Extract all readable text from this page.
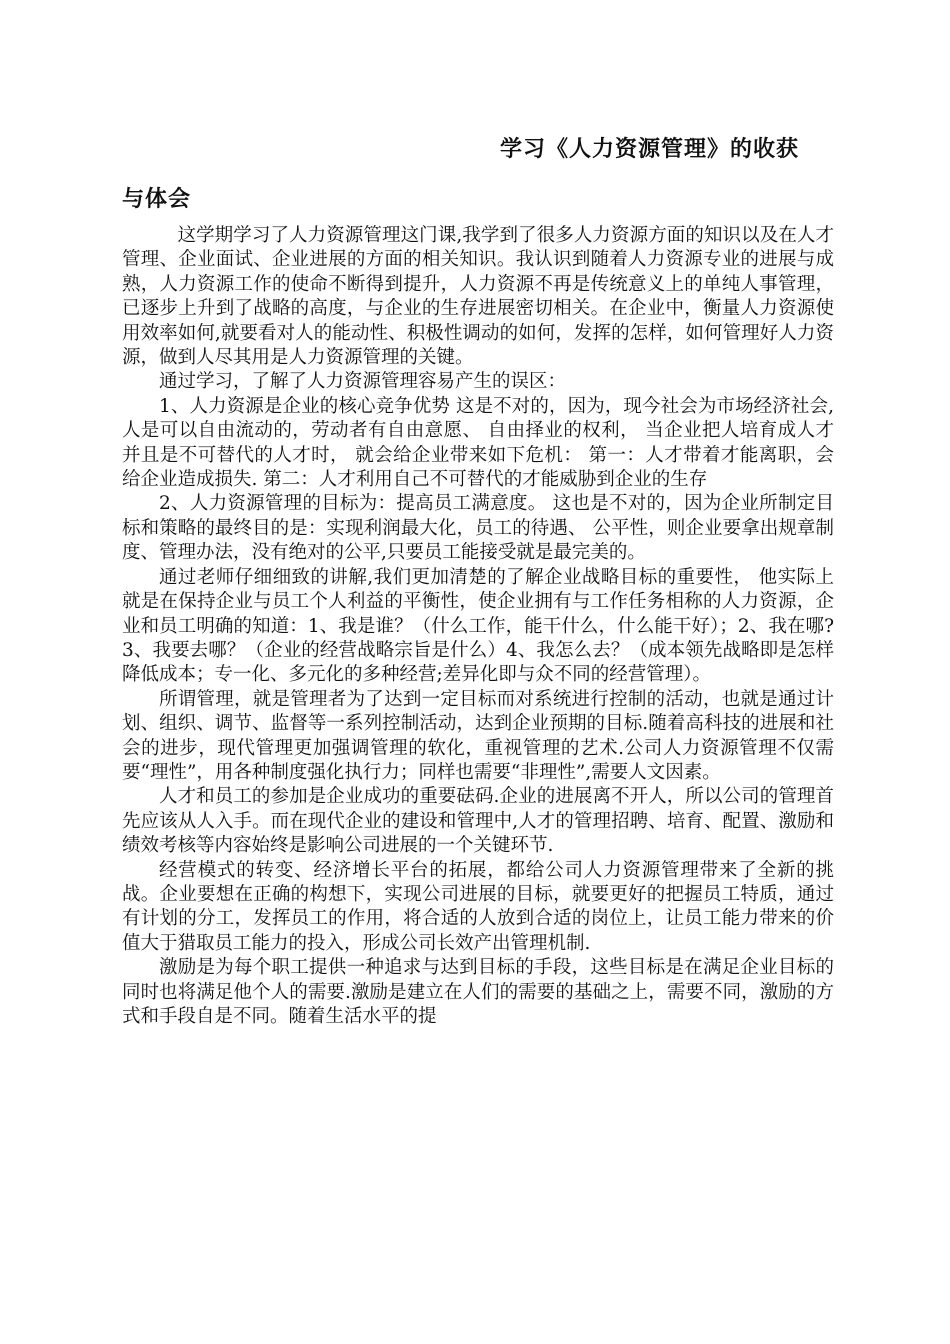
学习《人力资源管理》的收获
与体会

这学期学习了人力资源管理这门课,我学到了很多人力资源方面的知识以及在人才管理、企业面试、企业进展的方面的相关知识。我认识到随着人力资源专业的进展与成熟，人力资源工作的使命不断得到提升，人力资源不再是传统意义上的单纯人事管理，已逐步上升到了战略的高度，与企业的生存进展密切相关。在企业中，衡量人力资源使用效率如何,就要看对人的能动性、积极性调动的如何，发挥的怎样，如何管理好人力资源，做到人尽其用是人力资源管理的关键。

通过学习，了解了人力资源管理容易产生的误区：

1、人力资源是企业的核心竞争优势 这是不对的，因为，现今社会为市场经济社会,人是可以自由流动的，劳动者有自由意愿、 自由择业的权利， 当企业把人培育成人才并且是不可替代的人才时， 就会给企业带来如下危机： 第一：人才带着才能离职，会给企业造成损失. 第二：人才利用自己不可替代的才能威胁到企业的生存

2、人力资源管理的目标为：提高员工满意度。 这也是不对的，因为企业所制定目标和策略的最终目的是：实现利润最大化，员工的待遇、 公平性，则企业要拿出规章制度、管理办法，没有绝对的公平,只要员工能接受就是最完美的。

通过老师仔细细致的讲解,我们更加清楚的了解企业战略目标的重要性， 他实际上就是在保持企业与员工个人利益的平衡性，使企业拥有与工作任务相称的人力资源，企业和员工明确的知道：1、我是谁？（什么工作，能干什么，什么能干好）；2、我在哪?3、我要去哪？（企业的经营战略宗旨是什么）4、我怎么去？（成本领先战略即是怎样降低成本；专一化、多元化的多种经营;差异化即与众不同的经营管理）。

所谓管理，就是管理者为了达到一定目标而对系统进行控制的活动，也就是通过计划、组织、调节、监督等一系列控制活动，达到企业预期的目标.随着高科技的进展和社会的进步，现代管理更加强调管理的软化，重视管理的艺术.公司人力资源管理不仅需要“理性”，用各种制度强化执行力；同样也需要“非理性”,需要人文因素。

人才和员工的参加是企业成功的重要砝码.企业的进展离不开人，所以公司的管理首先应该从人入手。而在现代企业的建设和管理中,人才的管理招聘、培育、配置、激励和绩效考核等内容始终是影响公司进展的一个关键环节.

经营模式的转变、经济增长平台的拓展，都给公司人力资源管理带来了全新的挑战。企业要想在正确的构想下，实现公司进展的目标，就要更好的把握员工特质，通过有计划的分工，发挥员工的作用，将合适的人放到合适的岗位上，让员工能力带来的价值大于猎取员工能力的投入，形成公司长效产出管理机制.

激励是为每个职工提供一种追求与达到目标的手段，这些目标是在满足企业目标的同时也将满足他个人的需要.激励是建立在人们的需要的基础之上，需要不同，激励的方式和手段自是不同。随着生活水平的提
